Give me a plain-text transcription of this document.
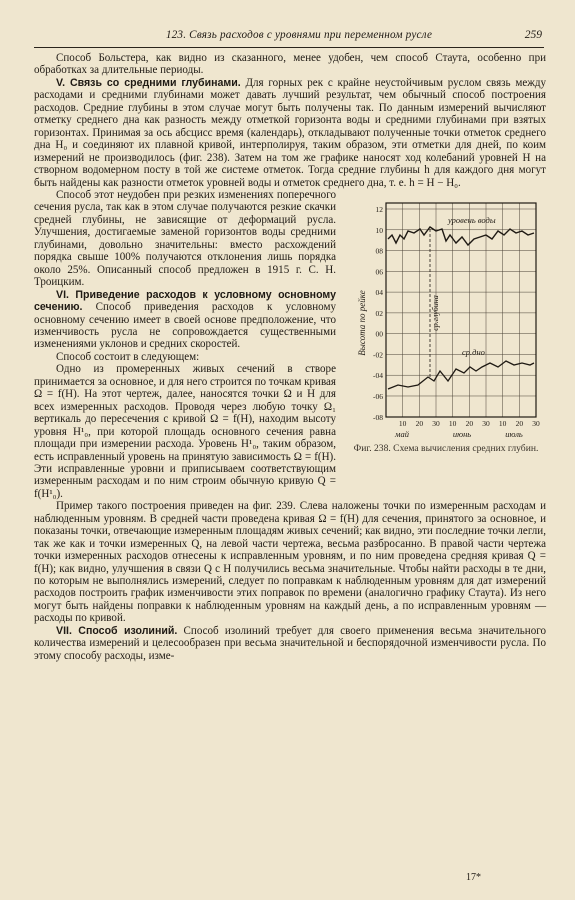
123. Связь расходов с уровнями при переменном русле	259

Способ Больстера, как видно из сказанного, менее удобен, чем способ Стаута, особенно при обработках за длительные периоды.

V. Связь со средними глубинами. Для горных рек с крайне неустойчивым руслом связь между расходами и средними глубинами может давать лучший результат, чем обычный способ построения расходов. Средние глубины в этом случае могут быть получены так. По данным измерений вычисляют отметку среднего дна как разность между отметкой горизонта воды и средними глубинами при взятых горизонтах. Принимая за ось абсцисс время (календарь), откладывают полученные точки отметок среднего дна H₀ и соединяют их плавной кривой, интерполируя, таким образом, эти отметки для дней, по коим измерений не производилось (фиг. 238). Затем на том же графике наносят ход колебаний уровней H на створном водомерном посту в той же системе отметок. Тогда средние глубины h для каждого дня могут быть найдены как разности отметок уровней воды и отметок среднего дна, т. е. h = H − H₀.

Высота по рейке
12
10
08
06
04
02
00
-02
-04
-06
-08
10 20 30 10 20 30 10 20 30
уровень воды
ср.глубина
ср.дно
май	июнь	июль
Фиг. 238. Схема вычисления средних глубин.

Способ этот неудобен при резких изменениях поперечного сечения русла, так как в этом случае получаются резкие скачки средней глубины, не зависящие от деформаций русла. Улучшения, достигаемые заменой горизонтов воды средними глубинами, довольно значительны: вместо расхождений порядка свыше 100% получаются отклонения лишь порядка около 25%. Описанный способ предложен в 1915 г. С. Н. Троицким.

VI. Приведение расходов к условному основному сечению. Способ приведения расходов к условному основному сечению имеет в своей основе предположение, что изменчивость русла не сопровождается существенными изменениями уклонов и средних скоростей.

Способ состоит в следующем:

Одно из промеренных живых сечений в створе принимается за основное, и для него строится по точкам кривая Ω = f(H). На этот чертеж, далее, наносятся точки Ω и H для всех измеренных расходов. Проводя через любую точку Ω₁ вертикаль до пересечения с кривой Ω = f(H), находим высоту уровня H¹₀, при которой площадь основного сечения равна площади при измерении расхода. Уровень H¹₀, таким образом, есть исправленный уровень на принятую зависимость Ω = f(H). Эти исправленные уровни и приписываем соответствующим измеренным расходам и по ним строим обычную кривую Q = f(H¹₀).

Пример такого построения приведен на фиг. 239. Слева наложены точки по измеренным расходам и наблюденным уровням. В средней части проведена кривая Ω = f(H) для сечения, принятого за основное, и показаны точки, отвечающие измеренным площадям живых сечений; как видно, эти последние точки легли, так же как и точки измеренных Q, на левой части чертежа, весьма разбросанно. В правой части чертежа точки измеренных расходов отнесены к исправленным уровням, и по ним проведена средняя кривая Q = f(H); как видно, улучшения в связи Q с H получились весьма значительные. Чтобы найти расходы в те дни, по которым не выполнялись измерений, следует по поправкам к наблюденным уровням для дат измерений расходов построить график изменчивости этих поправок по времени (аналогично графику Стаута). Из него могут быть найдены поправки к наблюденным уровням на каждый день, а по исправленным уровням — расходы по кривой.

VII. Способ изолиний. Способ изолиний требует для своего применения весьма значительного количества измерений и целесообразен при весьма значительной и беспорядочной изменчивости русла. По этому способу расходы, изме-

17*
